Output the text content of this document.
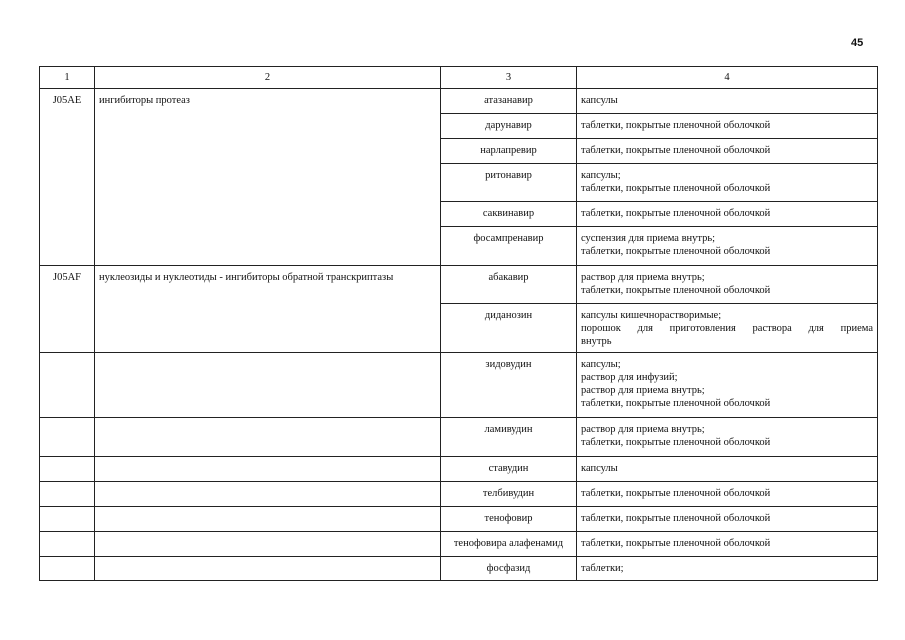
45
1	2	3	4
J05AE	ингибиторы протеаз	атазанавир	капсулы

		дарунавир	таблетки, покрытые пленочной оболочкой

		нарлапревир	таблетки, покрытые пленочной оболочкой

		ритонавир	капсулы;
таблетки, покрытые пленочной оболочкой

		саквинавир	таблетки, покрытые пленочной оболочкой

		фосампренавир	суспензия для приема внутрь;
таблетки, покрытые пленочной оболочкой

J05AF	нуклеозиды и нуклеотиды - ингибиторы обратной транскриптазы	абакавир	раствор для приема внутрь;
таблетки, покрытые пленочной оболочкой

		диданозин	капсулы кишечнорастворимые;
порошок для приготовления раствора для приема
внутрь

		зидовудин	капсулы;
раствор для инфузий;
раствор для приема внутрь;
таблетки, покрытые пленочной оболочкой

		ламивудин	раствор для приема внутрь;
таблетки, покрытые пленочной оболочкой

		ставудин	капсулы

		телбивудин	таблетки, покрытые пленочной оболочкой

		тенофовир	таблетки, покрытые пленочной оболочкой

		тенофовира алафенамид	таблетки, покрытые пленочной оболочкой

		фосфазид	таблетки;
